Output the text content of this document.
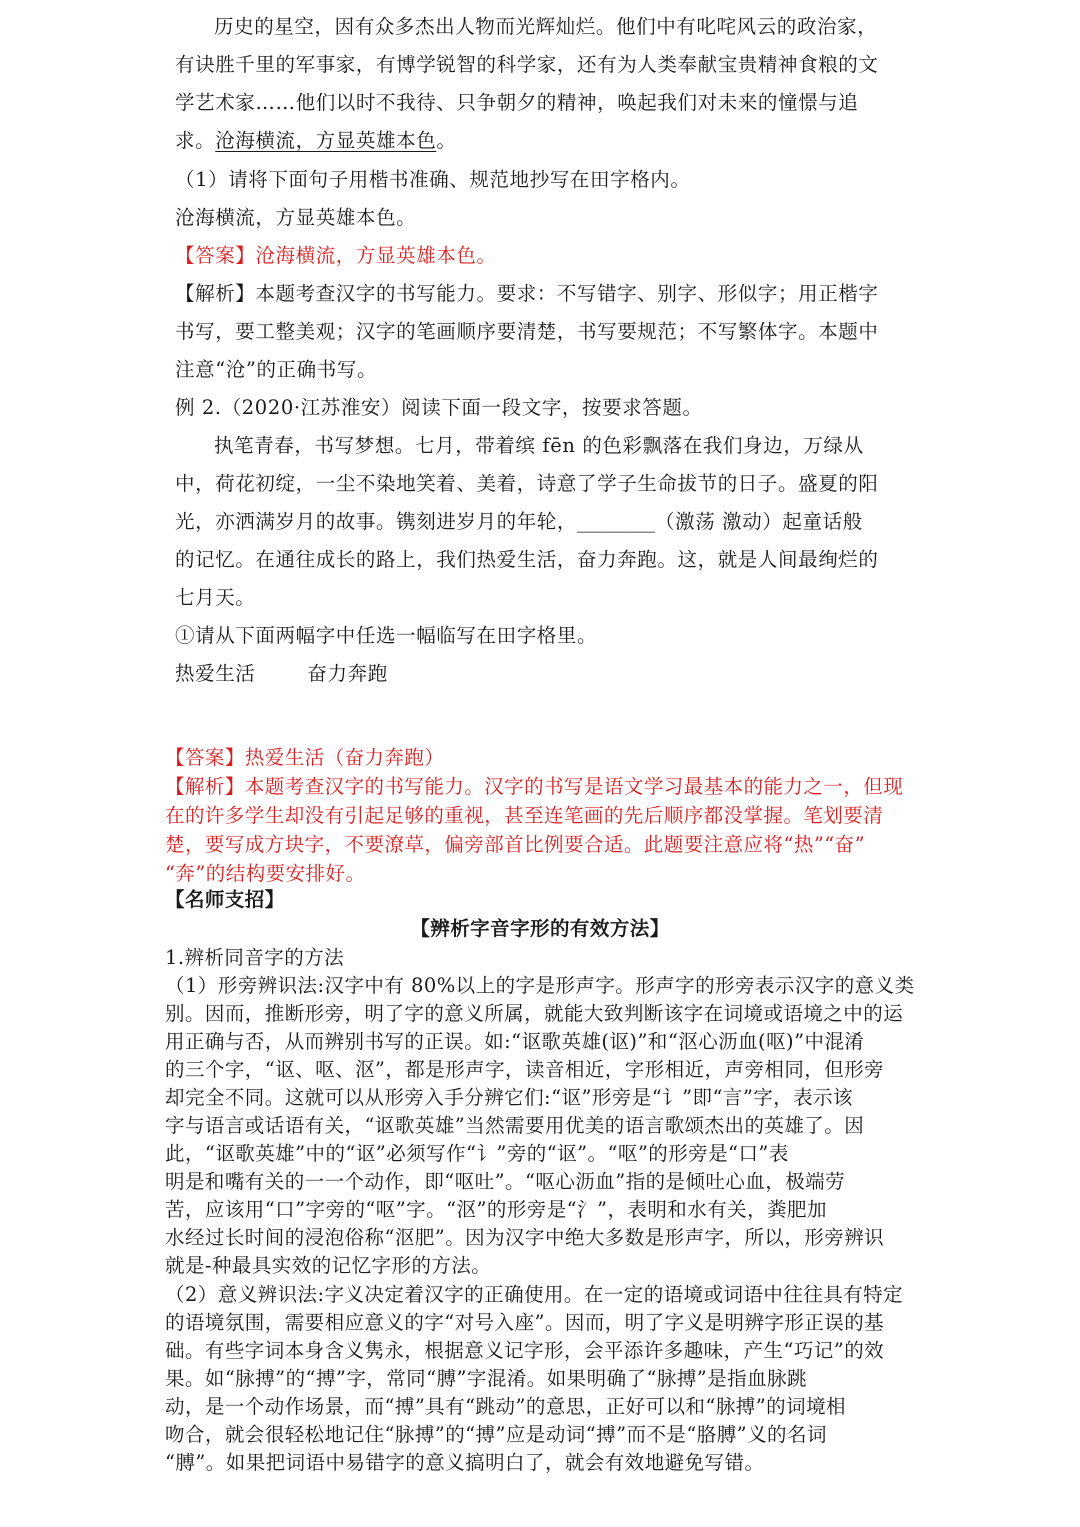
历史的星空，因有众多杰出人物而光辉灿烂。他们中有叱咤风云的政治家，
有诀胜千里的军事家，有博学锐智的科学家，还有为人类奉献宝贵精神食粮的文
学艺术家……他们以时不我待、只争朝夕的精神，唤起我们对未来的憧憬与追
求。沧海横流，方显英雄本色。
（1）请将下面句子用楷书准确、规范地抄写在田字格内。
沧海横流，方显英雄本色。
【答案】沧海横流，方显英雄本色。
【解析】本题考查汉字的书写能力。要求：不写错字、别字、形似字；用正楷字
书写，要工整美观；汉字的笔画顺序要清楚，书写要规范；不写繁体字。本题中
注意“沧”的正确书写。
例 2.（2020·江苏淮安）阅读下面一段文字，按要求答题。
执笔青春，书写梦想。七月，带着缤 fēn 的色彩飘落在我们身边，万绿从
中，荷花初绽，一尘不染地笑着、美着，诗意了学子生命拔节的日子。盛夏的阳
光，亦洒满岁月的故事。镌刻进岁月的年轮，________（激荡 激动）起童话般
的记忆。在通往成长的路上，我们热爱生活，奋力奔跑。这，就是人间最绚烂的
七月天。
①请从下面两幅字中任选一幅临写在田字格里。
热爱生活	奋力奔跑
【答案】热爱生活（奋力奔跑）
【解析】本题考查汉字的书写能力。汉字的书写是语文学习最基本的能力之一，但现
在的许多学生却没有引起足够的重视，甚至连笔画的先后顺序都没掌握。笔划要清
楚，要写成方块字，不要潦草，偏旁部首比例要合适。此题要注意应将“热”“奋”
“奔”的结构要安排好。
【名师支招】
【辨析字音字形的有效方法】
1.辨析同音字的方法
（1）形旁辨识法:汉字中有 80%以上的字是形声字。形声字的形旁表示汉字的意义类
别。因而，推断形旁，明了字的意义所属，就能大致判断该字在词境或语境之中的运
用正确与否，从而辨别书写的正误。如:“讴歌英雄(讴)”和“沤心沥血(呕)”中混淆
的三个字，“讴、呕、沤”，都是形声字，读音相近，字形相近，声旁相同，但形旁
却完全不同。这就可以从形旁入手分辨它们:“讴”形旁是“讠”即“言”字，表示该
字与语言或话语有关，“讴歌英雄”当然需要用优美的语言歌颂杰出的英雄了。因
此，“讴歌英雄”中的“讴”必须写作“讠”旁的“讴”。“呕”的形旁是“口”表
明是和嘴有关的一一个动作，即“呕吐”。“呕心沥血”指的是倾吐心血，极端劳
苦，应该用“口”字旁的“呕”字。“沤”的形旁是“氵”，表明和水有关，粪肥加
水经过长时间的浸泡俗称“沤肥”。因为汉字中绝大多数是形声字，所以，形旁辨识
就是-种最具实效的记忆字形的方法。
（2）意义辨识法:字义决定着汉字的正确使用。在一定的语境或词语中往往具有特定
的语境氛围，需要相应意义的字“对号入座”。因而，明了字义是明辨字形正误的基
础。有些字词本身含义隽永，根据意义记字形，会平添许多趣味，产生“巧记”的效
果。如“脉搏”的“搏”字，常同“膊”字混淆。如果明确了“脉搏”是指血脉跳
动，是一个动作场景，而“搏”具有“跳动”的意思，正好可以和“脉搏”的词境相
吻合，就会很轻松地记住“脉搏”的“搏”应是动词“搏”而不是“胳膊”义的名词
“膊”。如果把词语中易错字的意义搞明白了，就会有效地避免写错。
